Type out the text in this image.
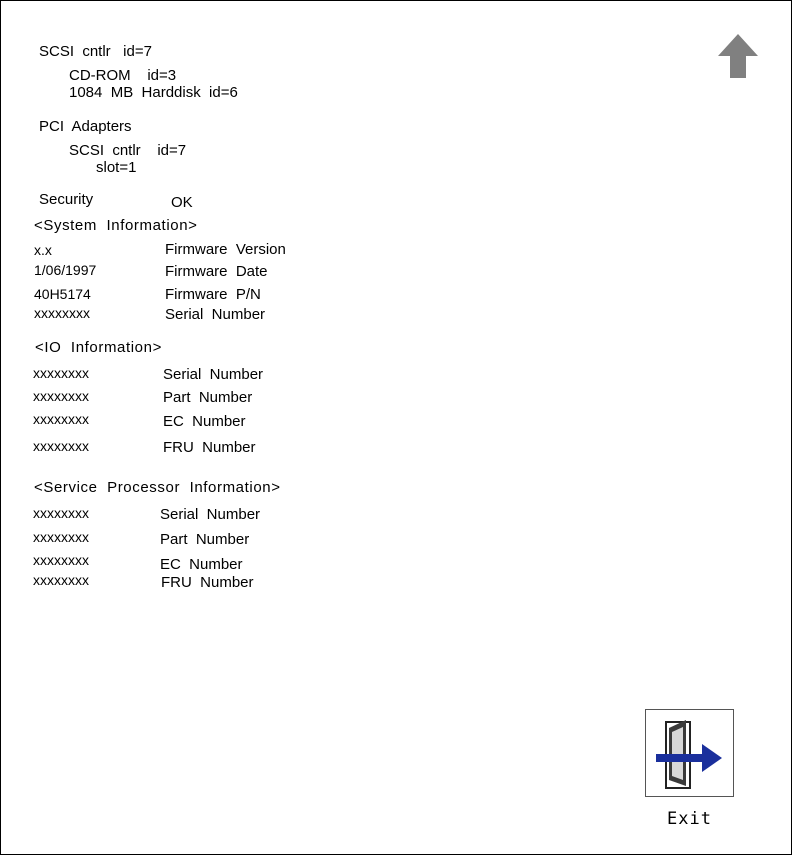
SCSI  cntlr   id=7
CD-ROM    id=3
1084  MB  Harddisk  id=6
PCI  Adapters
SCSI  cntlr    id=7
slot=1
Security	OK
<System  Information>
x.x	Firmware  Version
1/06/1997	Firmware  Date
40H5174	Firmware  P/N
xxxxxxxx	Serial  Number
<IO  Information>
xxxxxxxx	Serial  Number
xxxxxxxx	Part  Number
xxxxxxxx	EC  Number
xxxxxxxx	FRU  Number
<Service  Processor  Information>
xxxxxxxx	Serial  Number
xxxxxxxx	Part  Number
xxxxxxxx	EC  Number
xxxxxxxx	FRU  Number
Exit
